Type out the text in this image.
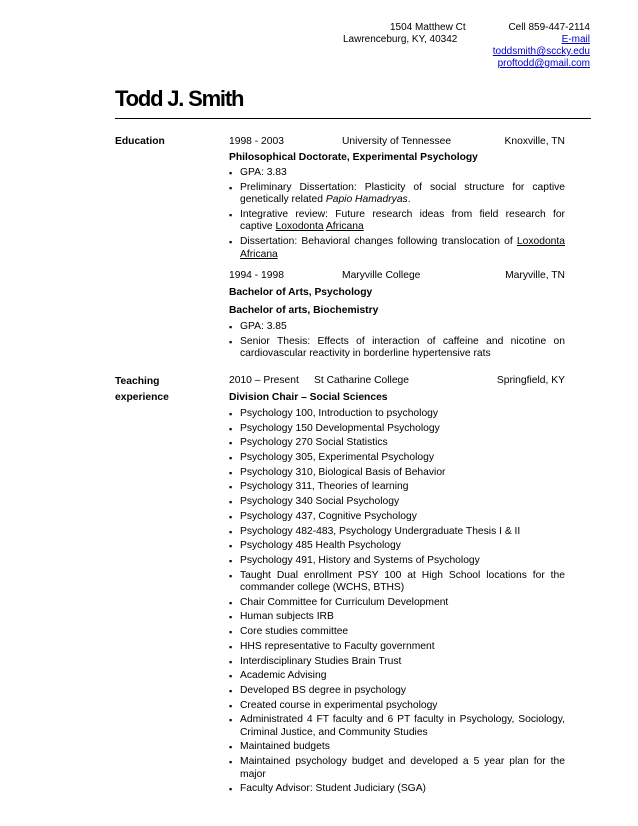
1504 Matthew Ct
Lawrenceburg, KY, 40342
Cell 859-447-2114
E-mail
toddsmith@sccky.edu
proftodd@gmail.com
Todd J. Smith
Education	1998 - 2003	University of Tennessee	Knoxville, TN
Philosophical Doctorate, Experimental Psychology
▪ GPA: 3.83
▪ Preliminary Dissertation: Plasticity of social structure for captive genetically related Papio Hamadryas.
▪ Integrative review: Future research ideas from field research for captive Loxodonta Africana
▪ Dissertation: Behavioral changes following translocation of Loxodonta Africana
1994 - 1998	Maryville College	Maryville, TN
Bachelor of Arts, Psychology
Bachelor of arts, Biochemistry
▪ GPA: 3.85
▪ Senior Thesis: Effects of interaction of caffeine and nicotine on cardiovascular reactivity in borderline hypertensive rats
Teaching
experience
2010 – Present St Catharine College	Springfield, KY
Division Chair – Social Sciences
▪ Psychology 100, Introduction to psychology
▪ Psychology 150 Developmental Psychology
▪ Psychology 270 Social Statistics
▪ Psychology 305, Experimental Psychology
▪ Psychology 310, Biological Basis of Behavior
▪ Psychology 311, Theories of learning
▪ Psychology 340 Social Psychology
▪ Psychology 437, Cognitive Psychology
▪ Psychology 482-483, Psychology Undergraduate Thesis I & II
▪ Psychology 485 Health Psychology
▪ Psychology 491, History and Systems of Psychology
▪ Taught Dual enrollment PSY 100 at High School locations for the commander college (WCHS, BTHS)
▪ Chair Committee for Curriculum Development
▪ Human subjects IRB
▪ Core studies committee
▪ HHS representative to Faculty government
▪ Interdisciplinary Studies Brain Trust
▪ Academic Advising
▪ Developed BS degree in psychology
▪ Created course in experimental psychology
▪ Administrated 4 FT faculty and 6 PT faculty in Psychology, Sociology, Criminal Justice, and Community Studies
▪ Maintained budgets
▪ Maintained psychology budget and developed a 5 year plan for the major
▪ Faculty Advisor: Student Judiciary (SGA)
